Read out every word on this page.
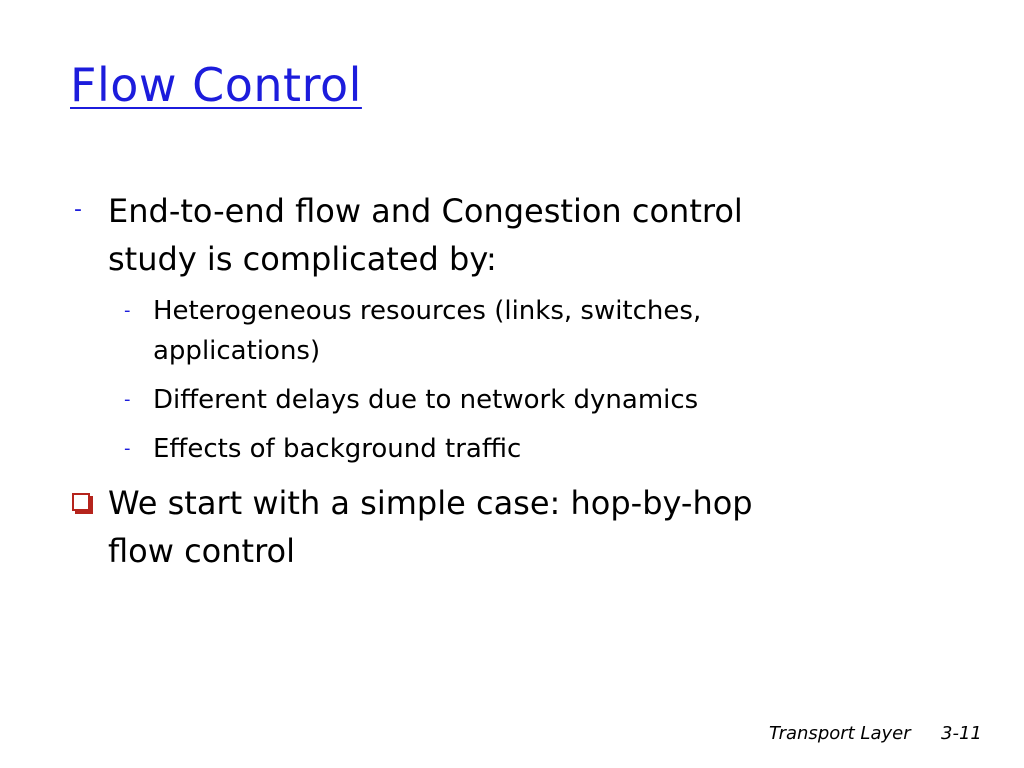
Flow Control
- End-to-end flow and Congestion control
study is complicated by:
- Heterogeneous resources (links, switches,
applications)
- Different delays due to network dynamics
- Effects of background traffic
We start with a simple case: hop-by-hop
flow control
Transport Layer 3-11
